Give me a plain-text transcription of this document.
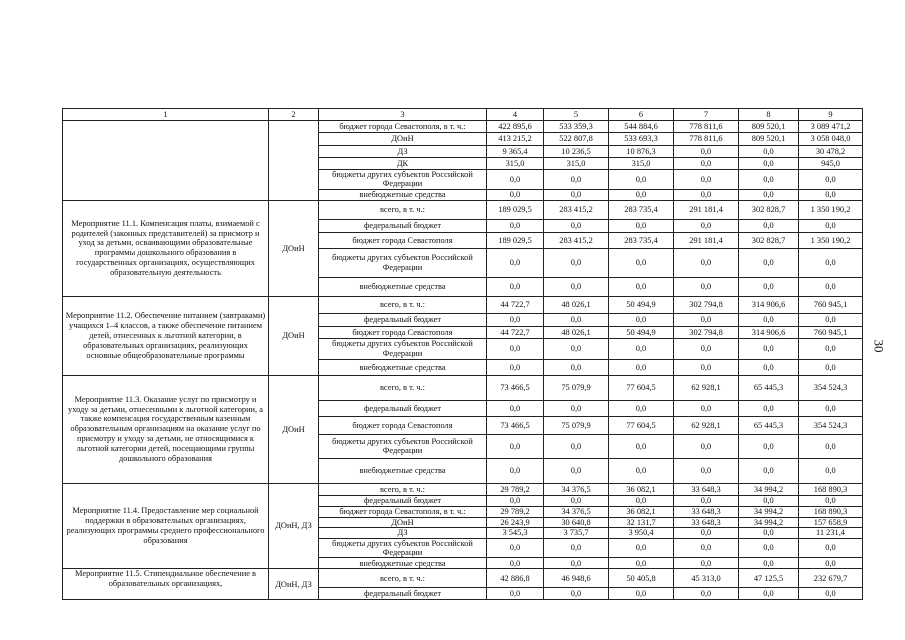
1	2	3	4	5	6	7	8	9
		бюджет города Севастополя, в т. ч.:	422 895,6	533 359,3	544 884,6	778 811,6	809 520,1	3 089 471,2
		ДОиН	413 215,2	522 807,8	533 693,3	778 811,6	809 520,1	3 058 048,0
		ДЗ	9 365,4	10 236,5	10 876,3	0,0	0,0	30 478,2
		ДК	315,0	315,0	315,0	0,0	0,0	945,0
		бюджеты других субъектов Российской Федерации	0,0	0,0	0,0	0,0	0,0	0,0
		внебюджетные средства	0,0	0,0	0,0	0,0	0,0	0,0
Мероприятие 11.1. Компенсация платы, взимаемой с родителей (законных представителей) за присмотр и уход за детьми, осваивающими образовательные программы дошкольного образования в государственных организациях, осуществляющих образовательную деятельность	ДОиН	всего, в т. ч.:	189 029,5	283 415,2	283 735,4	291 181,4	302 828,7	1 350 190,2
		федеральный бюджет	0,0	0,0	0,0	0,0	0,0	0,0
		бюджет города Севастополя	189 029,5	283 415,2	283 735,4	291 181,4	302 828,7	1 350 190,2
		бюджеты других субъектов Российской Федерации	0,0	0,0	0,0	0,0	0,0	0,0
		внебюджетные средства	0,0	0,0	0,0	0,0	0,0	0,0
Мероприятие 11.2. Обеспечение питанием (завтраками) учащихся 1–4 классов, а также обеспечение питанием детей, отнесенных к льготной категории, в образовательных организациях, реализующих основные общеобразовательные программы	ДОиН	всего, в т. ч.:	44 722,7	48 026,1	50 494,9	302 794,8	314 906,6	760 945,1
		федеральный бюджет	0,0	0,0	0,0	0,0	0,0	0,0
		бюджет города Севастополя	44 722,7	48 026,1	50 494,9	302 794,8	314 906,6	760 945,1
		бюджеты других субъектов Российской Федерации	0,0	0,0	0,0	0,0	0,0	0,0
		внебюджетные средства	0,0	0,0	0,0	0,0	0,0	0,0
Мероприятие 11.3. Оказание услуг по присмотру и уходу за детьми, отнесенными к льготной категории, а также компенсация государственным казенным образовательным организациям на оказание услуг по присмотру и уходу за детьми, не относящимися к льготной категории детей, посещающими группы дошкольного образования	ДОиН	всего, в т. ч.:	73 466,5	75 079,9	77 604,5	62 928,1	65 445,3	354 524,3
		федеральный бюджет	0,0	0,0	0,0	0,0	0,0	0,0
		бюджет города Севастополя	73 466,5	75 079,9	77 604,5	62 928,1	65 445,3	354 524,3
		бюджеты других субъектов Российской Федерации	0,0	0,0	0,0	0,0	0,0	0,0
		внебюджетные средства	0,0	0,0	0,0	0,0	0,0	0,0
Мероприятие 11.4. Предоставление мер социальной поддержки в образовательных организациях, реализующих программы среднего профессионального образования	ДОиН, ДЗ	всего, в т. ч.:	29 789,2	34 376,5	36 082,1	33 648,3	34 994,2	168 890,3
		федеральный бюджет	0,0	0,0	0,0	0,0	0,0	0,0
		бюджет города Севастополя, в т. ч.:	29 789,2	34 376,5	36 082,1	33 648,3	34 994,2	168 890,3
		ДОиН	26 243,9	30 640,8	32 131,7	33 648,3	34 994,2	157 658,9
		ДЗ	3 545,3	3 735,7	3 950,4	0,0	0,0	11 231,4
		бюджеты других субъектов Российской Федерации	0,0	0,0	0,0	0,0	0,0	0,0
		внебюджетные средства	0,0	0,0	0,0	0,0	0,0	0,0
Мероприятие 11.5. Стипендиальное обеспечение в образовательных организациях,	ДОиН, ДЗ	всего, в т. ч.:	42 886,8	46 948,6	50 405,8	45 313,0	47 125,5	232 679,7
		федеральный бюджет	0,0	0,0	0,0	0,0	0,0	0,0
30
